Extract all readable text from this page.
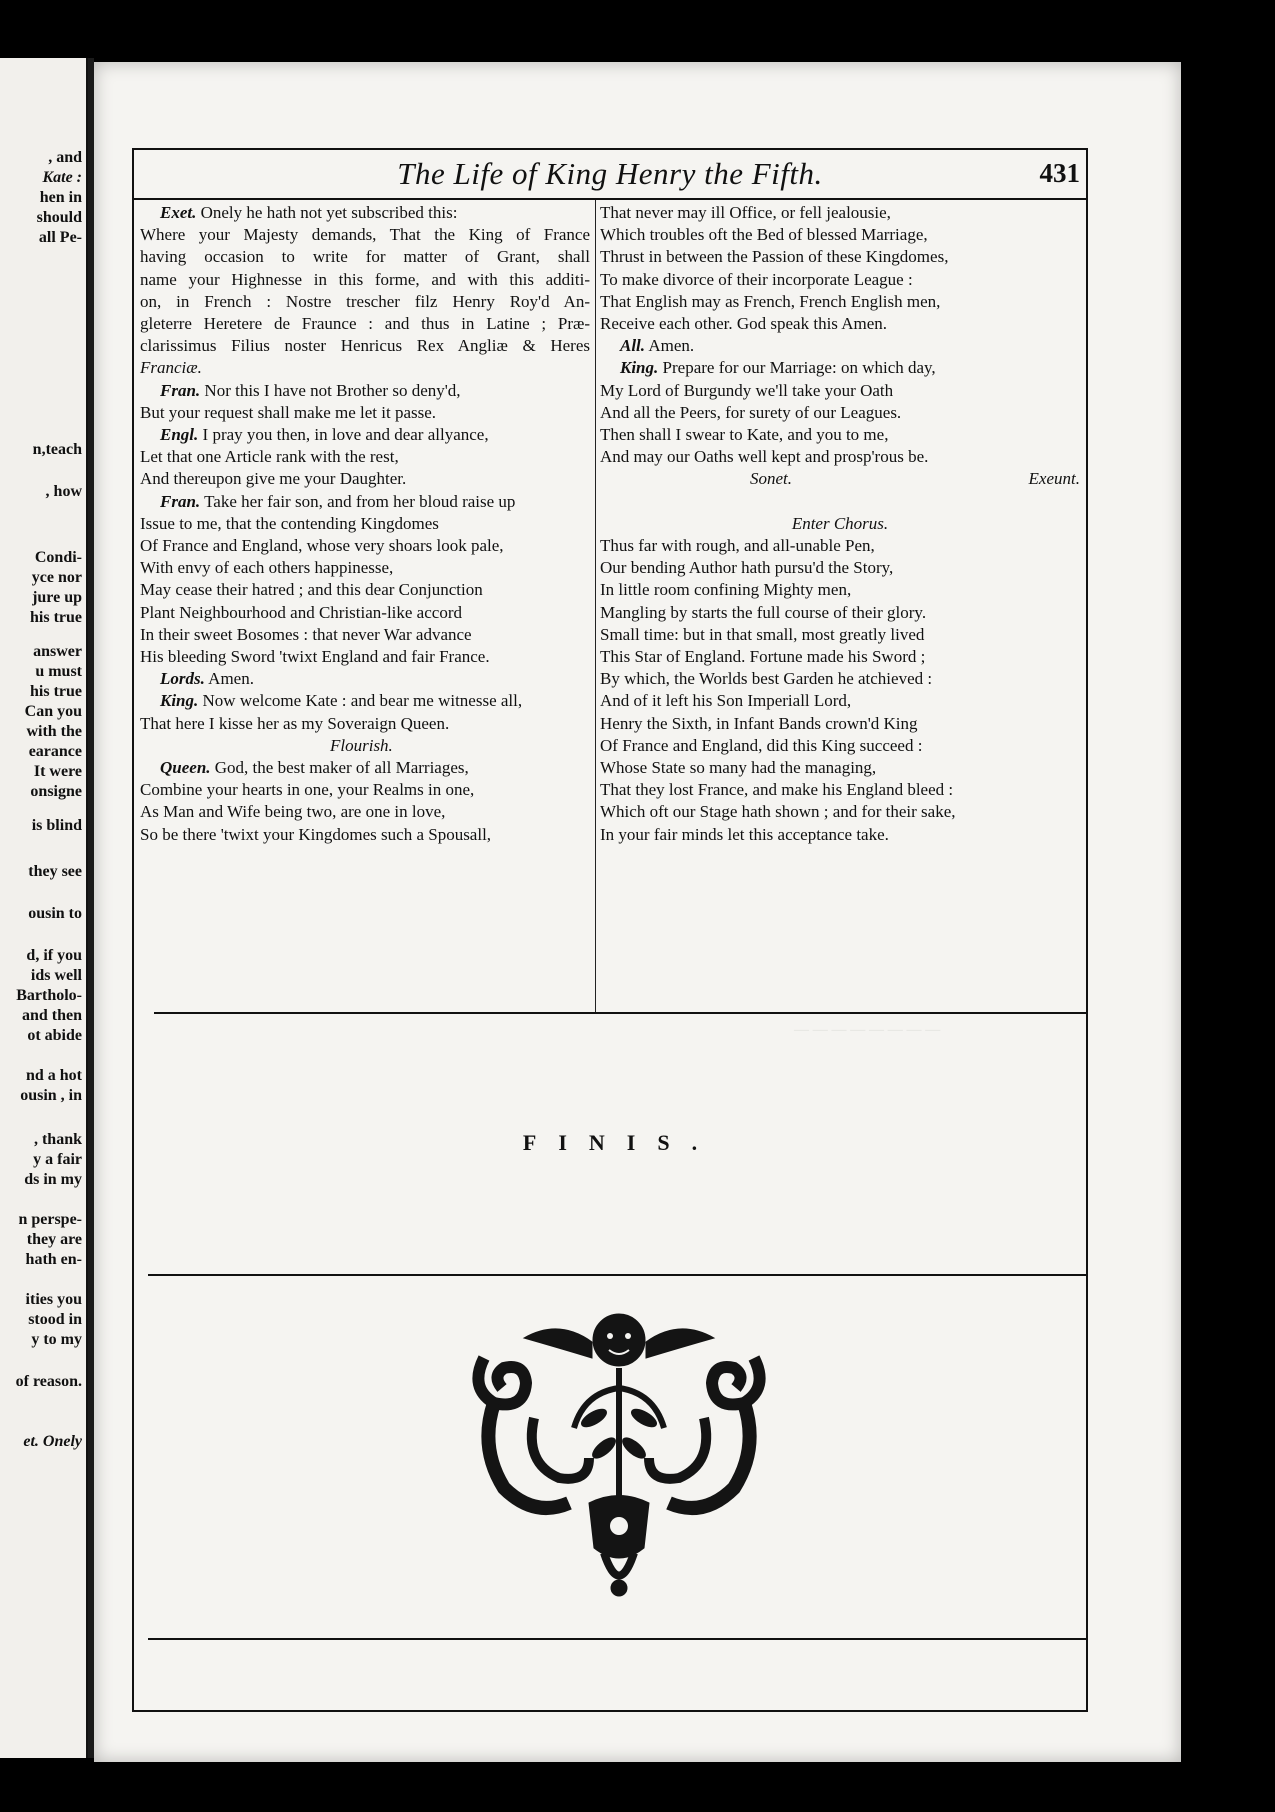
, and
Kate :
hen in
should
all Pe-
n,teach
, how
Condi-
yce nor
jure up
his true
answer
u must
his true
Can you
with the
earance
It were
onsigne
is blind
they see
ousin to
d, if you
ids well
Bartholo-
and then
ot abide
nd a hot
ousin , in
, thank
y a fair
ds in my
n perspe-
they are
hath en-
ities you
stood in
y to my
of reason.
et. Onely
— — — — — — — —
The Life of King Henry the Fifth.	431
Exet. Onely he hath not yet subscribed this:
Where your Majesty demands, That the King of France
having occasion to write for matter of Grant, shall
name your Highnesse in this forme, and with this additi-
on, in French : Nostre trescher filz Henry Roy'd An-
gleterre Heretere de Fraunce : and thus in Latine ; Præ-
clarissimus Filius noster Henricus Rex Angliæ & Heres
Franciæ.
Fran. Nor this I have not Brother so deny'd,
But your request shall make me let it passe.
Engl. I pray you then, in love and dear allyance,
Let that one Article rank with the rest,
And thereupon give me your Daughter.
Fran. Take her fair son, and from her bloud raise up
Issue to me, that the contending Kingdomes
Of France and England, whose very shoars look pale,
With envy of each others happinesse,
May cease their hatred ; and this dear Conjunction
Plant Neighbourhood and Christian-like accord
In their sweet Bosomes : that never War advance
His bleeding Sword 'twixt England and fair France.
Lords. Amen.
King. Now welcome Kate : and bear me witnesse all,
That here I kisse her as my Soveraign Queen.
Flourish.
Queen. God, the best maker of all Marriages,
Combine your hearts in one, your Realms in one,
As Man and Wife being two, are one in love,
So be there 'twixt your Kingdomes such a Spousall,
That never may ill Office, or fell jealousie,
Which troubles oft the Bed of blessed Marriage,
Thrust in between the Passion of these Kingdomes,
To make divorce of their incorporate League :
That English may as French, French English men,
Receive each other. God speak this Amen.
All. Amen.
King. Prepare for our Marriage: on which day,
My Lord of Burgundy we'll take your Oath
And all the Peers, for surety of our Leagues.
Then shall I swear to Kate, and you to me,
And may our Oaths well kept and prosp'rous be.
Sonet.	Exeunt.

Enter Chorus.
Thus far with rough, and all-unable Pen,
Our bending Author hath pursu'd the Story,
In little room confining Mighty men,
Mangling by starts the full course of their glory.
Small time: but in that small, most greatly lived
This Star of England. Fortune made his Sword ;
By which, the Worlds best Garden he atchieved :
And of it left his Son Imperiall Lord,
Henry the Sixth, in Infant Bands crown'd King
Of France and England, did this King succeed :
Whose State so many had the managing,
That they lost France, and make his England bleed :
Which oft our Stage hath shown ; and for their sake,
In your fair minds let this acceptance take.
FINIS.
